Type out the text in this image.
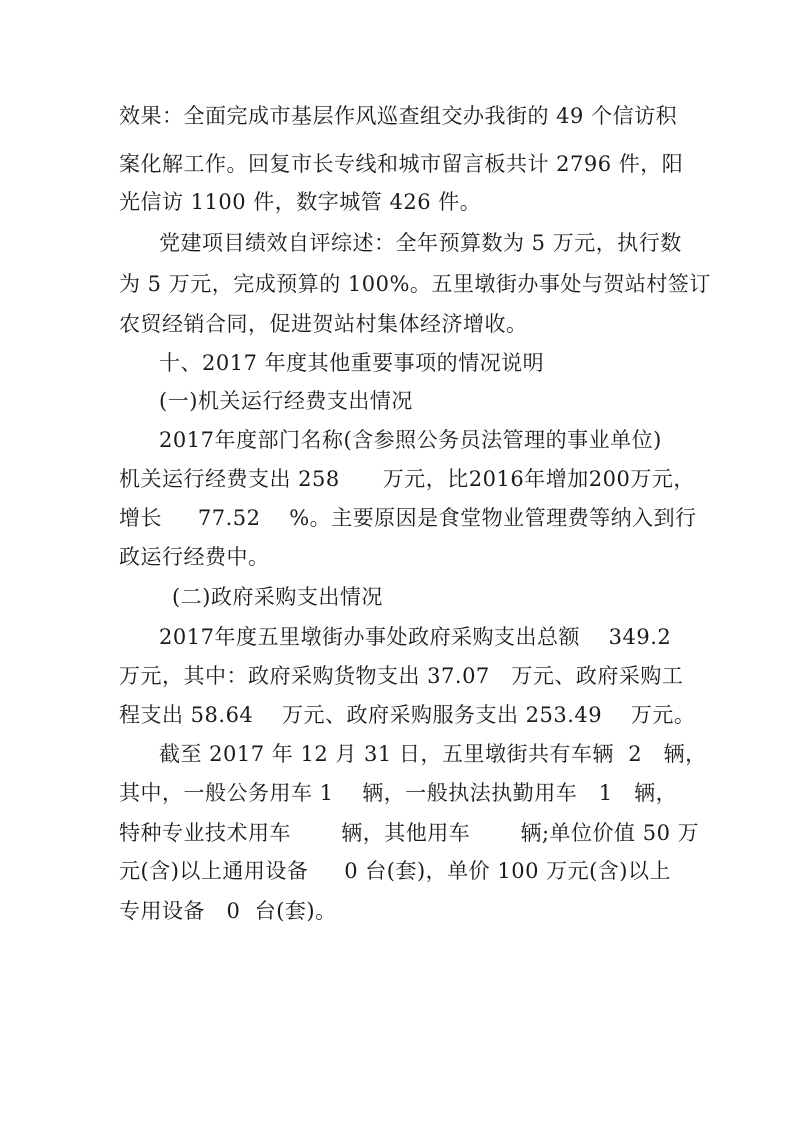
效果：全面完成市基层作风巡查组交办我街的 49 个信访积
案化解工作。回复市长专线和城市留言板共计 2796 件，阳
光信访 1100 件，数字城管 426 件。
党建项目绩效自评综述：全年预算数为 5 万元，执行数
为 5 万元，完成预算的 100%。五里墩街办事处与贺站村签订
农贸经销合同，促进贺站村集体经济增收。
十、2017 年度其他重要事项的情况说明
(一)机关运行经费支出情况
2017年度部门名称(含参照公务员法管理的事业单位)
机关运行经费支出 258      万元，比2016年增加200万元，
增长     77.52    %。主要原因是食堂物业管理费等纳入到行
政运行经费中。
(二)政府采购支出情况
2017年度五里墩街办事处政府采购支出总额    349.2
万元，其中：政府采购货物支出 37.07   万元、政府采购工
程支出 58.64    万元、政府采购服务支出 253.49    万元。
截至 2017 年 12 月 31 日，五里墩街共有车辆  2   辆，
其中，一般公务用车 1    辆，一般执法执勤用车   1   辆，
特种专业技术用车       辆，其他用车       辆;单位价值 50 万
元(含)以上通用设备     0 台(套)，单价 100 万元(含)以上
专用设备   0  台(套)。
